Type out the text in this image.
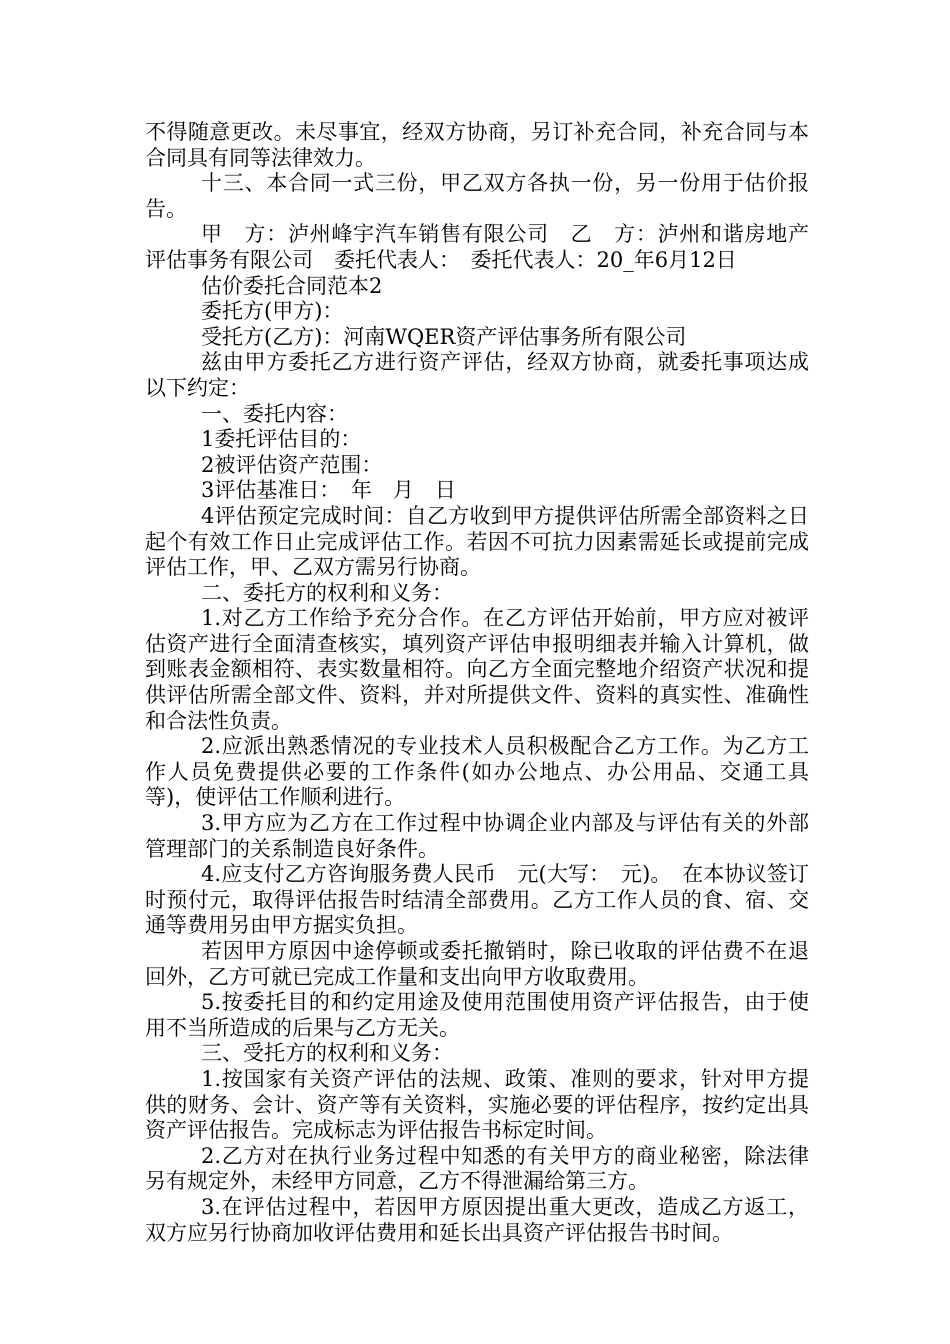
不得随意更改。未尽事宜，经双方协商，另订补充合同，补充合同与本合同具有同等法律效力。

十三、本合同一式三份，甲乙双方各执一份，另一份用于估价报告。

甲　方：泸州峰宇汽车销售有限公司　乙　方：泸州和谐房地产评估事务有限公司　委托代表人：　委托代表人：20_年6月12日

估价委托合同范本2

委托方(甲方)：

受托方(乙方)：河南WQER资产评估事务所有限公司

兹由甲方委托乙方进行资产评估，经双方协商，就委托事项达成以下约定：

一、委托内容：

1委托评估目的：

2被评估资产范围：

3评估基准日：　年　月　日

4评估预定完成时间：自乙方收到甲方提供评估所需全部资料之日起个有效工作日止完成评估工作。若因不可抗力因素需延长或提前完成评估工作，甲、乙双方需另行协商。

二、委托方的权利和义务：

1.对乙方工作给予充分合作。在乙方评估开始前，甲方应对被评估资产进行全面清查核实，填列资产评估申报明细表并输入计算机，做到账表金额相符、表实数量相符。向乙方全面完整地介绍资产状况和提供评估所需全部文件、资料，并对所提供文件、资料的真实性、准确性和合法性负责。

2.应派出熟悉情况的专业技术人员积极配合乙方工作。为乙方工作人员免费提供必要的工作条件(如办公地点、办公用品、交通工具等)，使评估工作顺利进行。

3.甲方应为乙方在工作过程中协调企业内部及与评估有关的外部管理部门的关系制造良好条件。

4.应支付乙方咨询服务费人民币　元(大写：　元)。　在本协议签订时预付元，取得评估报告时结清全部费用。乙方工作人员的食、宿、交通等费用另由甲方据实负担。

若因甲方原因中途停顿或委托撤销时，除已收取的评估费不在退回外，乙方可就已完成工作量和支出向甲方收取费用。

5.按委托目的和约定用途及使用范围使用资产评估报告，由于使用不当所造成的后果与乙方无关。

三、受托方的权利和义务：

1.按国家有关资产评估的法规、政策、准则的要求，针对甲方提供的财务、会计、资产等有关资料，实施必要的评估程序，按约定出具资产评估报告。完成标志为评估报告书标定时间。

2.乙方对在执行业务过程中知悉的有关甲方的商业秘密，除法律另有规定外，未经甲方同意，乙方不得泄漏给第三方。

3.在评估过程中，若因甲方原因提出重大更改，造成乙方返工，双方应另行协商加收评估费用和延长出具资产评估报告书时间。
